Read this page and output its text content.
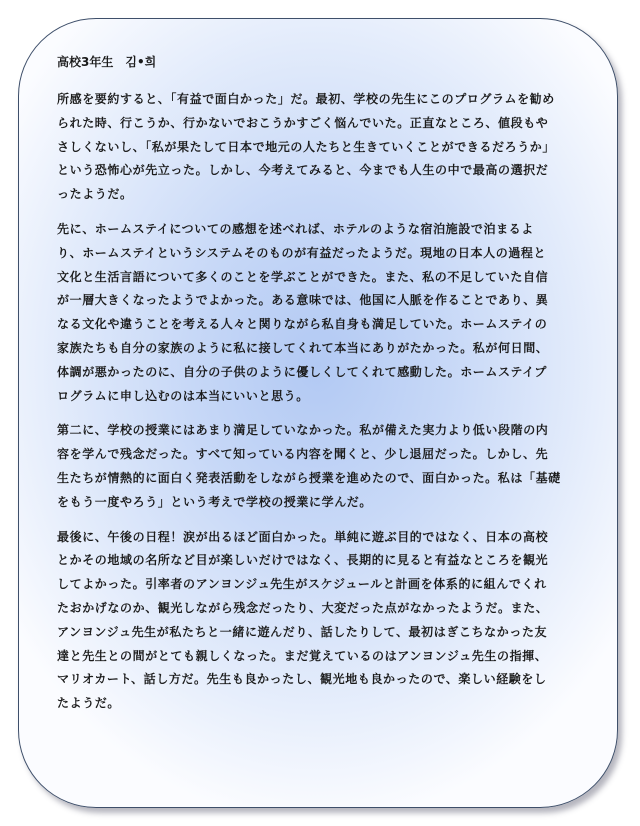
高校3年生　김•희
所感を要約すると、「有益で面白かった」だ。最初、学校の先生にこのプログラムを勧め
られた時、行こうか、行かないでおこうかすごく悩んでいた。正直なところ、値段もや
さしくないし、「私が果たして日本で地元の人たちと生きていくことができるだろうか」
という恐怖心が先立った。しかし、今考えてみると、今までも人生の中で最高の選択だ
ったようだ。
先に、ホームステイについての感想を述べれば、ホテルのような宿泊施設で泊まるよ
り、ホームステイというシステムそのものが有益だったようだ。現地の日本人の過程と
文化と生活言語について多くのことを学ぶことができた。また、私の不足していた自信
が一層大きくなったようでよかった。ある意味では、他国に人脈を作ることであり、異
なる文化や違うことを考える人々と関りながら私自身も満足していた。ホームステイの
家族たちも自分の家族のように私に接してくれて本当にありがたかった。私が何日間、
体調が悪かったのに、自分の子供のように優しくしてくれて感動した。ホームステイプ
ログラムに申し込むのは本当にいいと思う。
第二に、学校の授業にはあまり満足していなかった。私が備えた実力より低い段階の内
容を学んで残念だった。すべて知っている内容を聞くと、少し退屈だった。しかし、先
生たちが情熱的に面白く発表活動をしながら授業を進めたので、面白かった。私は「基礎
をもう一度やろう」という考えで学校の授業に学んだ。
最後に、午後の日程！涙が出るほど面白かった。単純に遊ぶ目的ではなく、日本の高校
とかその地域の名所など目が楽しいだけではなく、長期的に見ると有益なところを観光
してよかった。引率者のアンヨンジュ先生がスケジュールと計画を体系的に組んでくれ
たおかげなのか、観光しながら残念だったり、大変だった点がなかったようだ。また、
アンヨンジュ先生が私たちと一緒に遊んだり、話したりして、最初はぎこちなかった友
達と先生との間がとても親しくなった。まだ覚えているのはアンヨンジュ先生の指揮、
マリオカート、話し方だ。先生も良かったし、観光地も良かったので、楽しい経験をし
たようだ。
